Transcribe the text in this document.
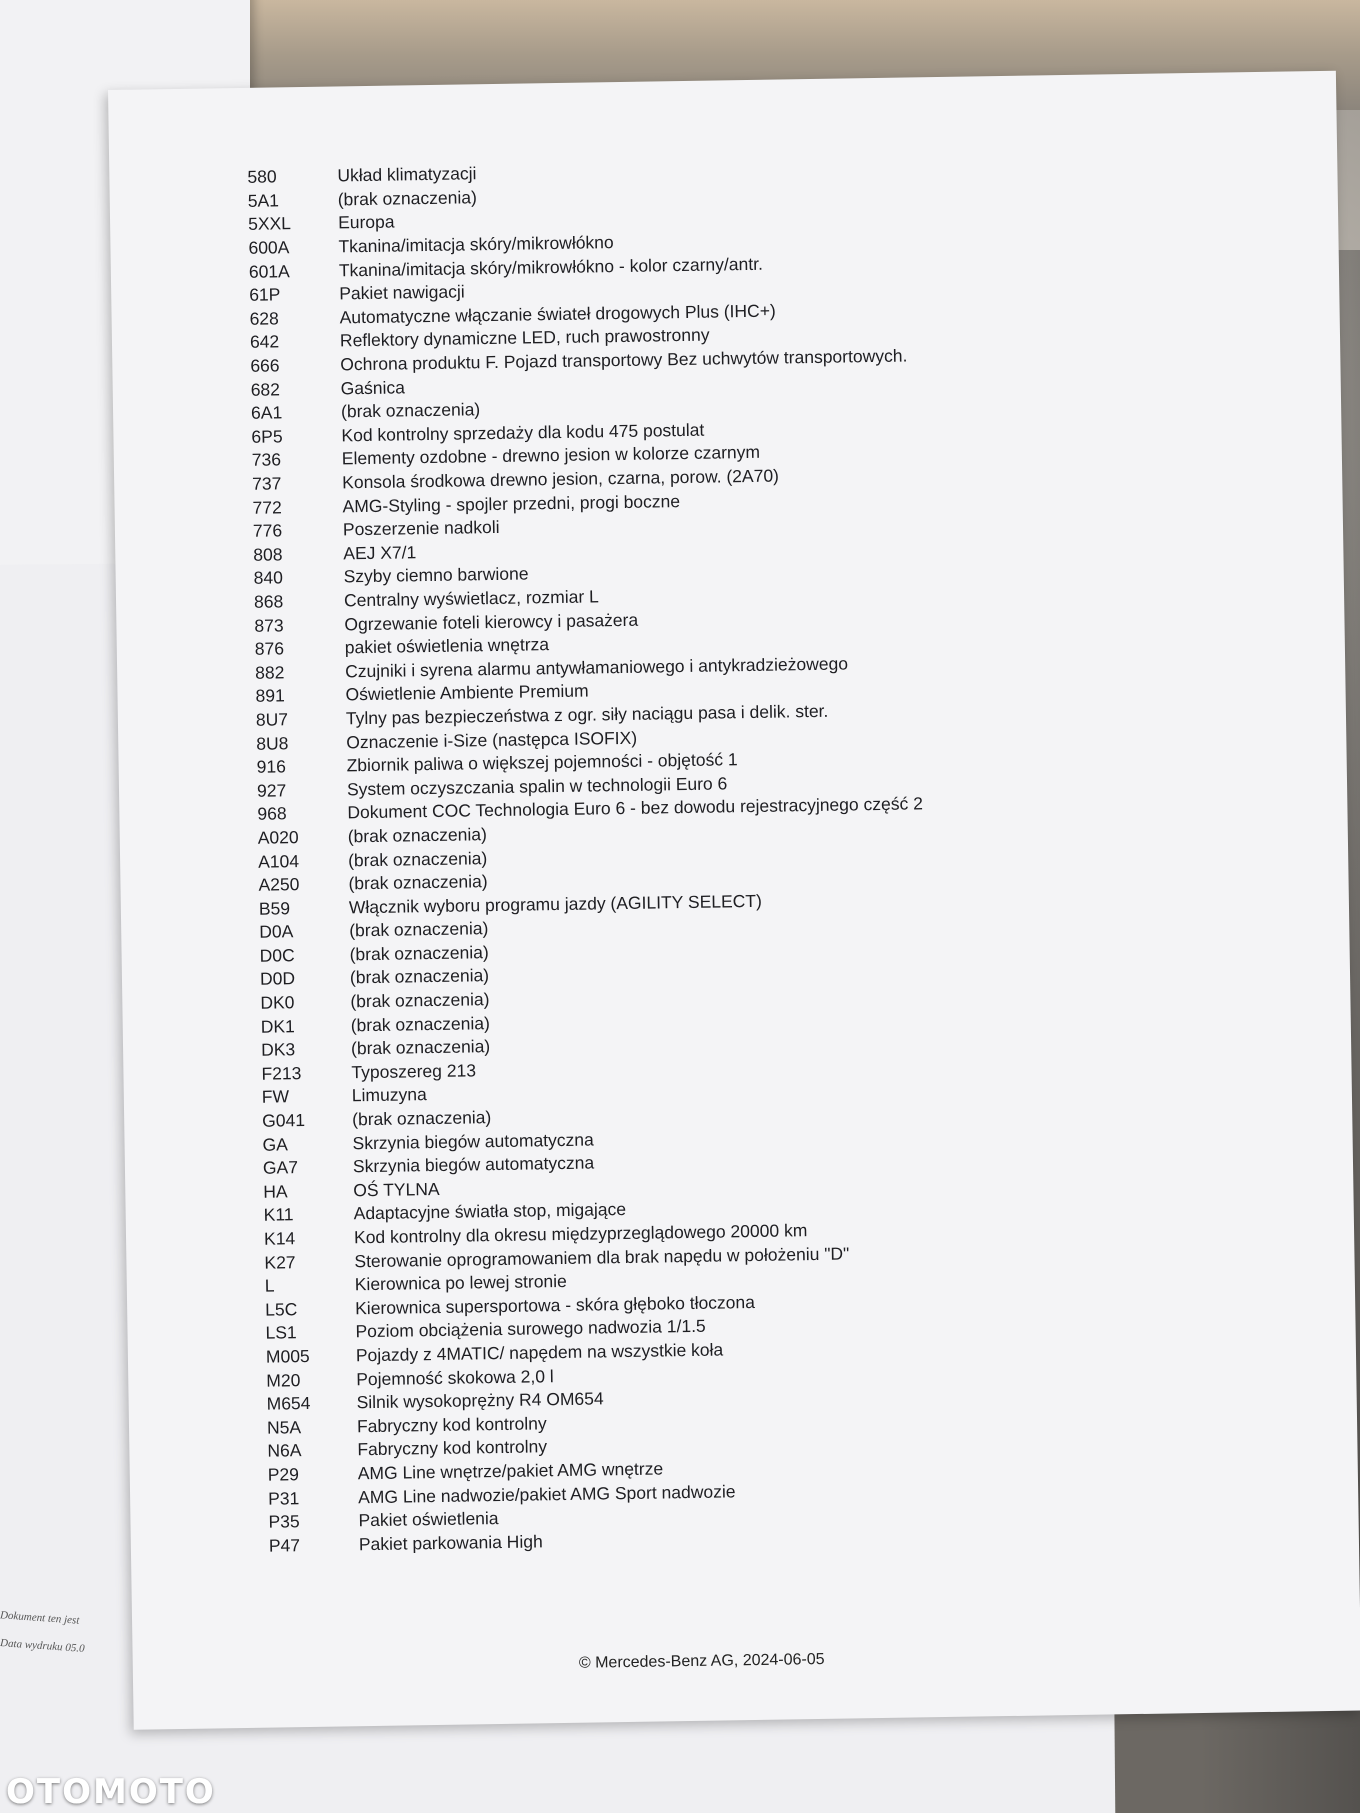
Dokument ten jest
Data wydruku 05.0
580	Układ klimatyzacji
5A1	(brak oznaczenia)
5XXL	Europa
600A	Tkanina/imitacja skóry/mikrowłókno
601A	Tkanina/imitacja skóry/mikrowłókno - kolor czarny/antr.
61P	Pakiet nawigacji
628	Automatyczne włączanie świateł drogowych Plus (IHC+)
642	Reflektory dynamiczne LED, ruch prawostronny
666	Ochrona produktu F. Pojazd transportowy Bez uchwytów transportowych.
682	Gaśnica
6A1	(brak oznaczenia)
6P5	Kod kontrolny sprzedaży dla kodu 475 postulat
736	Elementy ozdobne - drewno jesion w kolorze czarnym
737	Konsola środkowa drewno jesion, czarna, porow. (2A70)
772	AMG-Styling - spojler przedni, progi boczne
776	Poszerzenie nadkoli
808	AEJ X7/1
840	Szyby ciemno barwione
868	Centralny wyświetlacz, rozmiar L
873	Ogrzewanie foteli kierowcy i pasażera
876	pakiet oświetlenia wnętrza
882	Czujniki i syrena alarmu antywłamaniowego i antykradzieżowego
891	Oświetlenie Ambiente Premium
8U7	Tylny pas bezpieczeństwa z ogr. siły naciągu pasa i delik. ster.
8U8	Oznaczenie i-Size (następca ISOFIX)
916	Zbiornik paliwa o większej pojemności - objętość 1
927	System oczyszczania spalin w technologii Euro 6
968	Dokument COC Technologia Euro 6 - bez dowodu rejestracyjnego część 2
A020	(brak oznaczenia)
A104	(brak oznaczenia)
A250	(brak oznaczenia)
B59	Włącznik wyboru programu jazdy (AGILITY SELECT)
D0A	(brak oznaczenia)
D0C	(brak oznaczenia)
D0D	(brak oznaczenia)
DK0	(brak oznaczenia)
DK1	(brak oznaczenia)
DK3	(brak oznaczenia)
F213	Typoszereg 213
FW	Limuzyna
G041	(brak oznaczenia)
GA	Skrzynia biegów automatyczna
GA7	Skrzynia biegów automatyczna
HA	OŚ TYLNA
K11	Adaptacyjne światła stop, migające
K14	Kod kontrolny dla okresu międzyprzeglądowego 20000 km
K27	Sterowanie oprogramowaniem dla brak napędu w położeniu "D"
L	Kierownica po lewej stronie
L5C	Kierownica supersportowa - skóra głęboko tłoczona
LS1	Poziom obciążenia surowego nadwozia 1/1.5
M005	Pojazdy z 4MATIC/ napędem na wszystkie koła
M20	Pojemność skokowa 2,0 l
M654	Silnik wysokoprężny R4 OM654
N5A	Fabryczny kod kontrolny
N6A	Fabryczny kod kontrolny
P29	AMG Line wnętrze/pakiet AMG wnętrze
P31	AMG Line nadwozie/pakiet AMG Sport nadwozie
P35	Pakiet oświetlenia
P47	Pakiet parkowania High
© Mercedes-Benz AG, 2024-06-05
OTOMOTO
